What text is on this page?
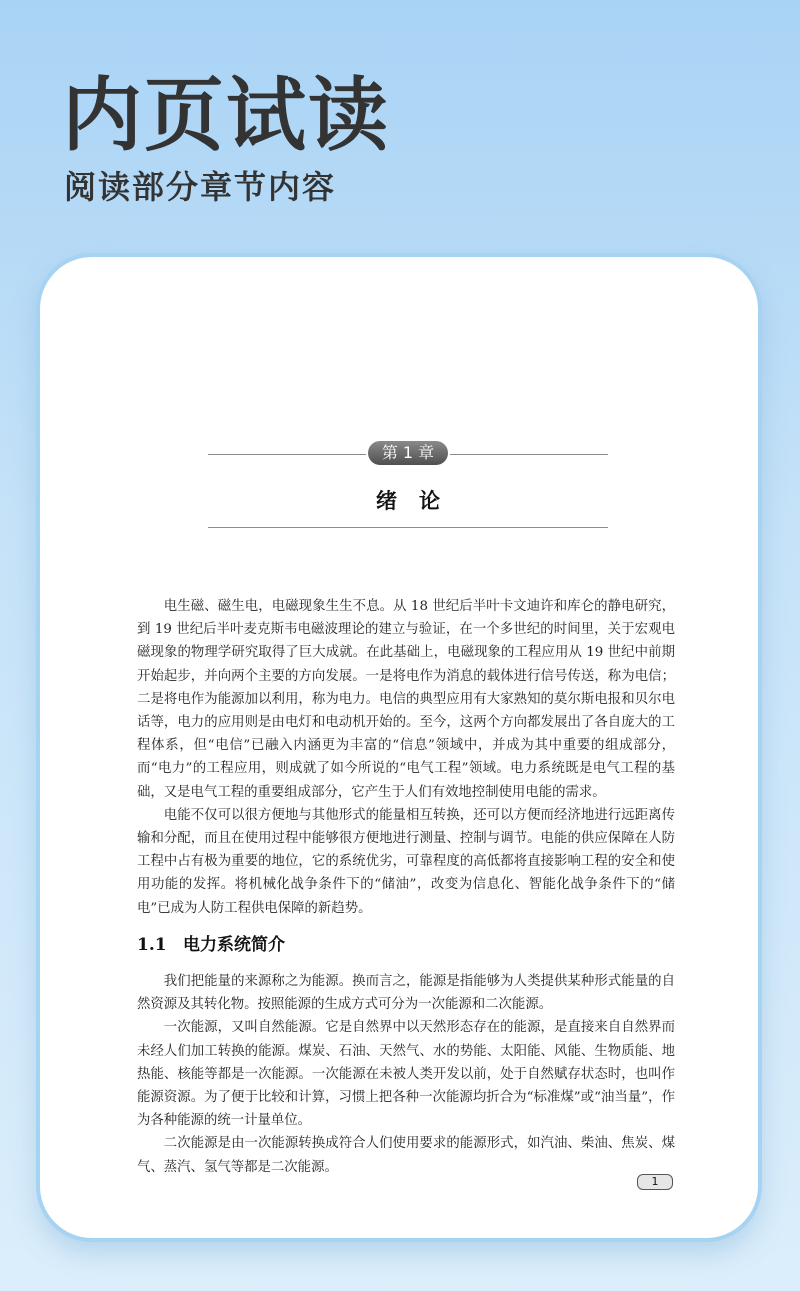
内页试读
阅读部分章节内容
第 1 章
绪论

电生磁、磁生电，电磁现象生生不息。从 18 世纪后半叶卡文迪许和库仑的静电研究，到 19 世纪后半叶麦克斯韦电磁波理论的建立与验证，在一个多世纪的时间里，关于宏观电磁现象的物理学研究取得了巨大成就。在此基础上，电磁现象的工程应用从 19 世纪中前期开始起步，并向两个主要的方向发展。一是将电作为消息的载体进行信号传送，称为电信；二是将电作为能源加以利用，称为电力。电信的典型应用有大家熟知的莫尔斯电报和贝尔电话等，电力的应用则是由电灯和电动机开始的。至今，这两个方向都发展出了各自庞大的工程体系，但“电信”已融入内涵更为丰富的“信息”领域中，并成为其中重要的组成部分，而“电力”的工程应用，则成就了如今所说的“电气工程”领域。电力系统既是电气工程的基础，又是电气工程的重要组成部分，它产生于人们有效地控制使用电能的需求。

电能不仅可以很方便地与其他形式的能量相互转换，还可以方便而经济地进行远距离传输和分配，而且在使用过程中能够很方便地进行测量、控制与调节。电能的供应保障在人防工程中占有极为重要的地位，它的系统优劣，可靠程度的高低都将直接影响工程的安全和使用功能的发挥。将机械化战争条件下的“储油”，改变为信息化、智能化战争条件下的“储电”已成为人防工程供电保障的新趋势。

1.1 电力系统简介

我们把能量的来源称之为能源。换而言之，能源是指能够为人类提供某种形式能量的自然资源及其转化物。按照能源的生成方式可分为一次能源和二次能源。

一次能源，又叫自然能源。它是自然界中以天然形态存在的能源，是直接来自自然界而未经人们加工转换的能源。煤炭、石油、天然气、水的势能、太阳能、风能、生物质能、地热能、核能等都是一次能源。一次能源在未被人类开发以前，处于自然赋存状态时，也叫作能源资源。为了便于比较和计算，习惯上把各种一次能源均折合为“标准煤”或“油当量”，作为各种能源的统一计量单位。

二次能源是由一次能源转换成符合人们使用要求的能源形式，如汽油、柴油、焦炭、煤气、蒸汽、氢气等都是二次能源。

1
